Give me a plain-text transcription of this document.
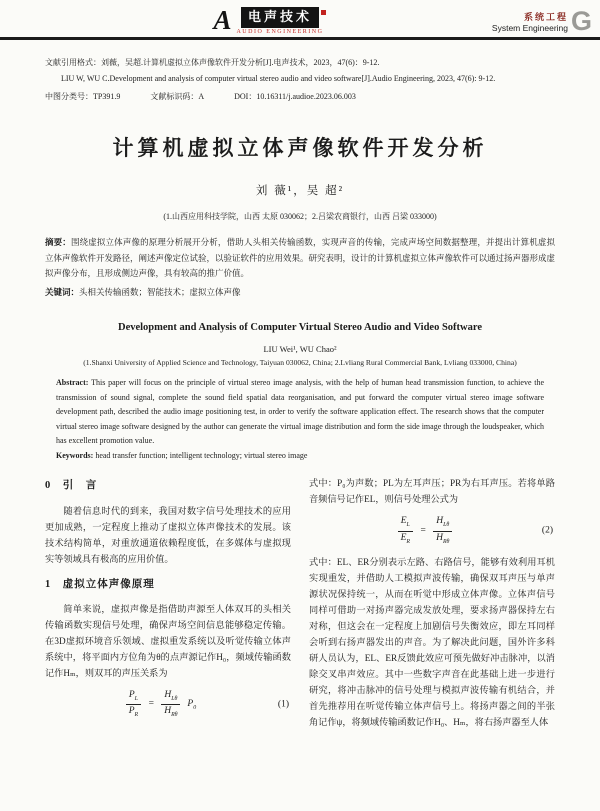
A	电声技术
AUDIO ENGINEERING
系统工程
System Engineering G
文献引用格式：刘薇，吴超.计算机虚拟立体声像软件开发分析[J].电声技术，2023，47(6)：9-12.
LIU W, WU C.Development and analysis of computer virtual stereo audio and video software[J].Audio Engineering, 2023, 47(6): 9-12.
中图分类号：TP391.9	文献标识码：A	DOI：10.16311/j.audioe.2023.06.003
计算机虚拟立体声像软件开发分析
刘 薇¹，吴 超²
(1.山西应用科技学院，山西 太原 030062；2.吕梁农商银行，山西 吕梁 033000)
摘要：围绕虚拟立体声像的原理分析展开分析，借助人头相关传输函数，实现声音的传输，完成声场空间数据整理，并提出计算机虚拟立体声像软件开发路径，阐述声像定位试验，以验证软件的应用效果。研究表明，设计的计算机虚拟立体声像软件可以通过扬声器形成虚拟声像分布，且形成侧边声像，具有较高的推广价值。
关键词：头相关传输函数；智能技术；虚拟立体声像
Development and Analysis of Computer Virtual Stereo Audio and Video Software
LIU Wei¹, WU Chao²
(1.Shanxi University of Applied Science and Technology, Taiyuan 030062, China; 2.Lvliang Rural Commercial Bank, Lvliang 033000, China)
Abstract: This paper will focus on the principle of virtual stereo image analysis, with the help of human head transmission function, to achieve the transmission of sound signal, complete the sound field spatial data reorganisation, and put forward the computer virtual stereo image software development path, described the audio image positioning test, in order to verify the software application effect. The research shows that the computer virtual stereo image software designed by the author can generate the virtual image distribution and form the side image through the loudspeaker, which has excellent promotion value.
Keywords: head transfer function; intelligent technology; virtual stereo image
0　引　言

随着信息时代的到来，我国对数字信号处理技术的应用更加成熟，一定程度上推动了虚拟立体声像技术的发展。该技术结构简单，对重放通道依赖程度低，在多媒体与虚拟现实等领域具有极高的应用价值。

1　虚拟立体声像原理

简单来说，虚拟声像是指借助声源至人体双耳的头相关传输函数实现信号处理，确保声场空间信息能够稳定传输。在3D虚拟环境音乐领域、虚拟重发系统以及听觉传输立体声系统中，将平面内方位角为θ的点声源记作H₀，频域传输函数记作Hₘ，则双耳的声压关系为

$\frac{P_L}{P_R} = \frac{H_{L\theta}}{H_{R\theta}} P_0$	(1)

式中：P₀为声数；PL为左耳声压；PR为右耳声压。若将单路音频信号记作EL，则信号处理公式为

$\frac{E_L}{E_R} = \frac{H_{L\theta}}{H_{R\theta}}$	(2)

式中：EL、ER分别表示左路、右路信号，能够有效利用耳机实现重发，并借助人工模拟声波传输，确保双耳声压与单声源状况保持统一，从而在听觉中形成立体声像。立体声信号同样可借助一对扬声器完成发放处理，要求扬声器保持左右对称，但这会在一定程度上加剧信号失衡效应，即左耳同样会听到右扬声器发出的声音。为了解决此问题，国外许多科研人员认为，EL、ER反馈此效应可预先做好冲击脉冲，以消除交叉串声效应。其中一些数字声音在此基础上进一步进行研究，将冲击脉冲的信号处理与模拟声波传输有机结合，并首先推荐用在听觉传输立体声信号上。将扬声器之间的半张角记作ψ，将频域传输函数记作H₀、Hₘ，将右扬声器至人体
